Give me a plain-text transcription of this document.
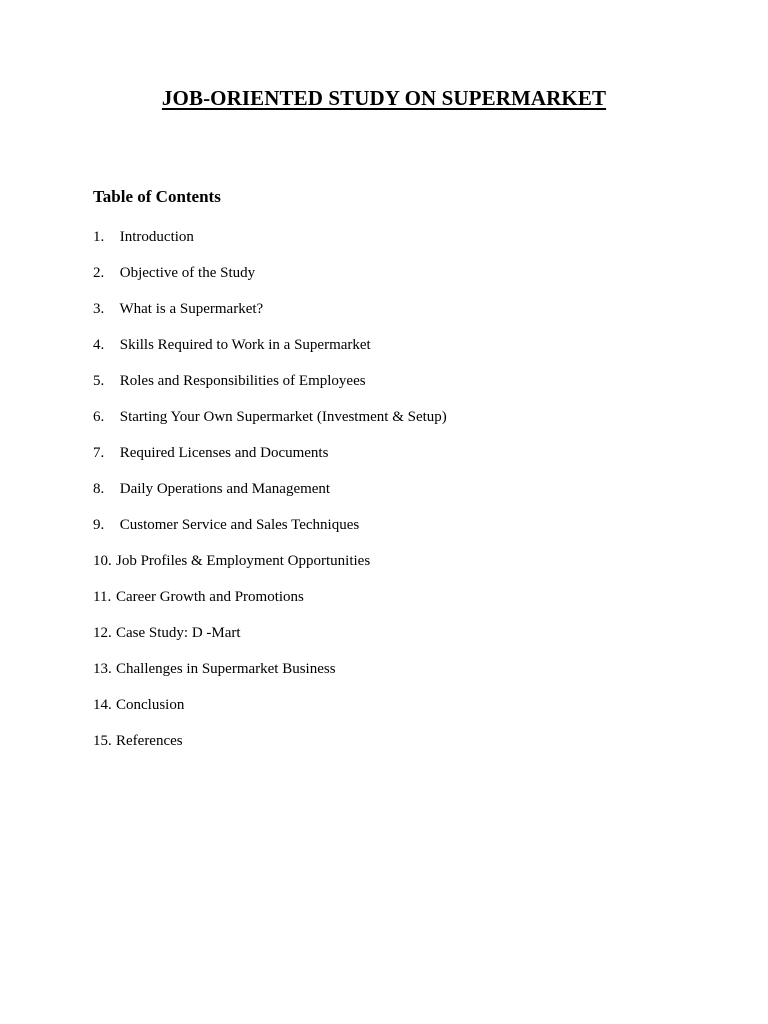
JOB-ORIENTED STUDY ON SUPERMARKET
Table of Contents
1. Introduction
2. Objective of the Study
3. What is a Supermarket?
4. Skills Required to Work in a Supermarket
5. Roles and Responsibilities of Employees
6. Starting Your Own Supermarket (Investment & Setup)
7. Required Licenses and Documents
8. Daily Operations and Management
9. Customer Service and Sales Techniques
10. Job Profiles & Employment Opportunities
11. Career Growth and Promotions
12. Case Study: D -Mart
13. Challenges in Supermarket Business
14. Conclusion
15. References
